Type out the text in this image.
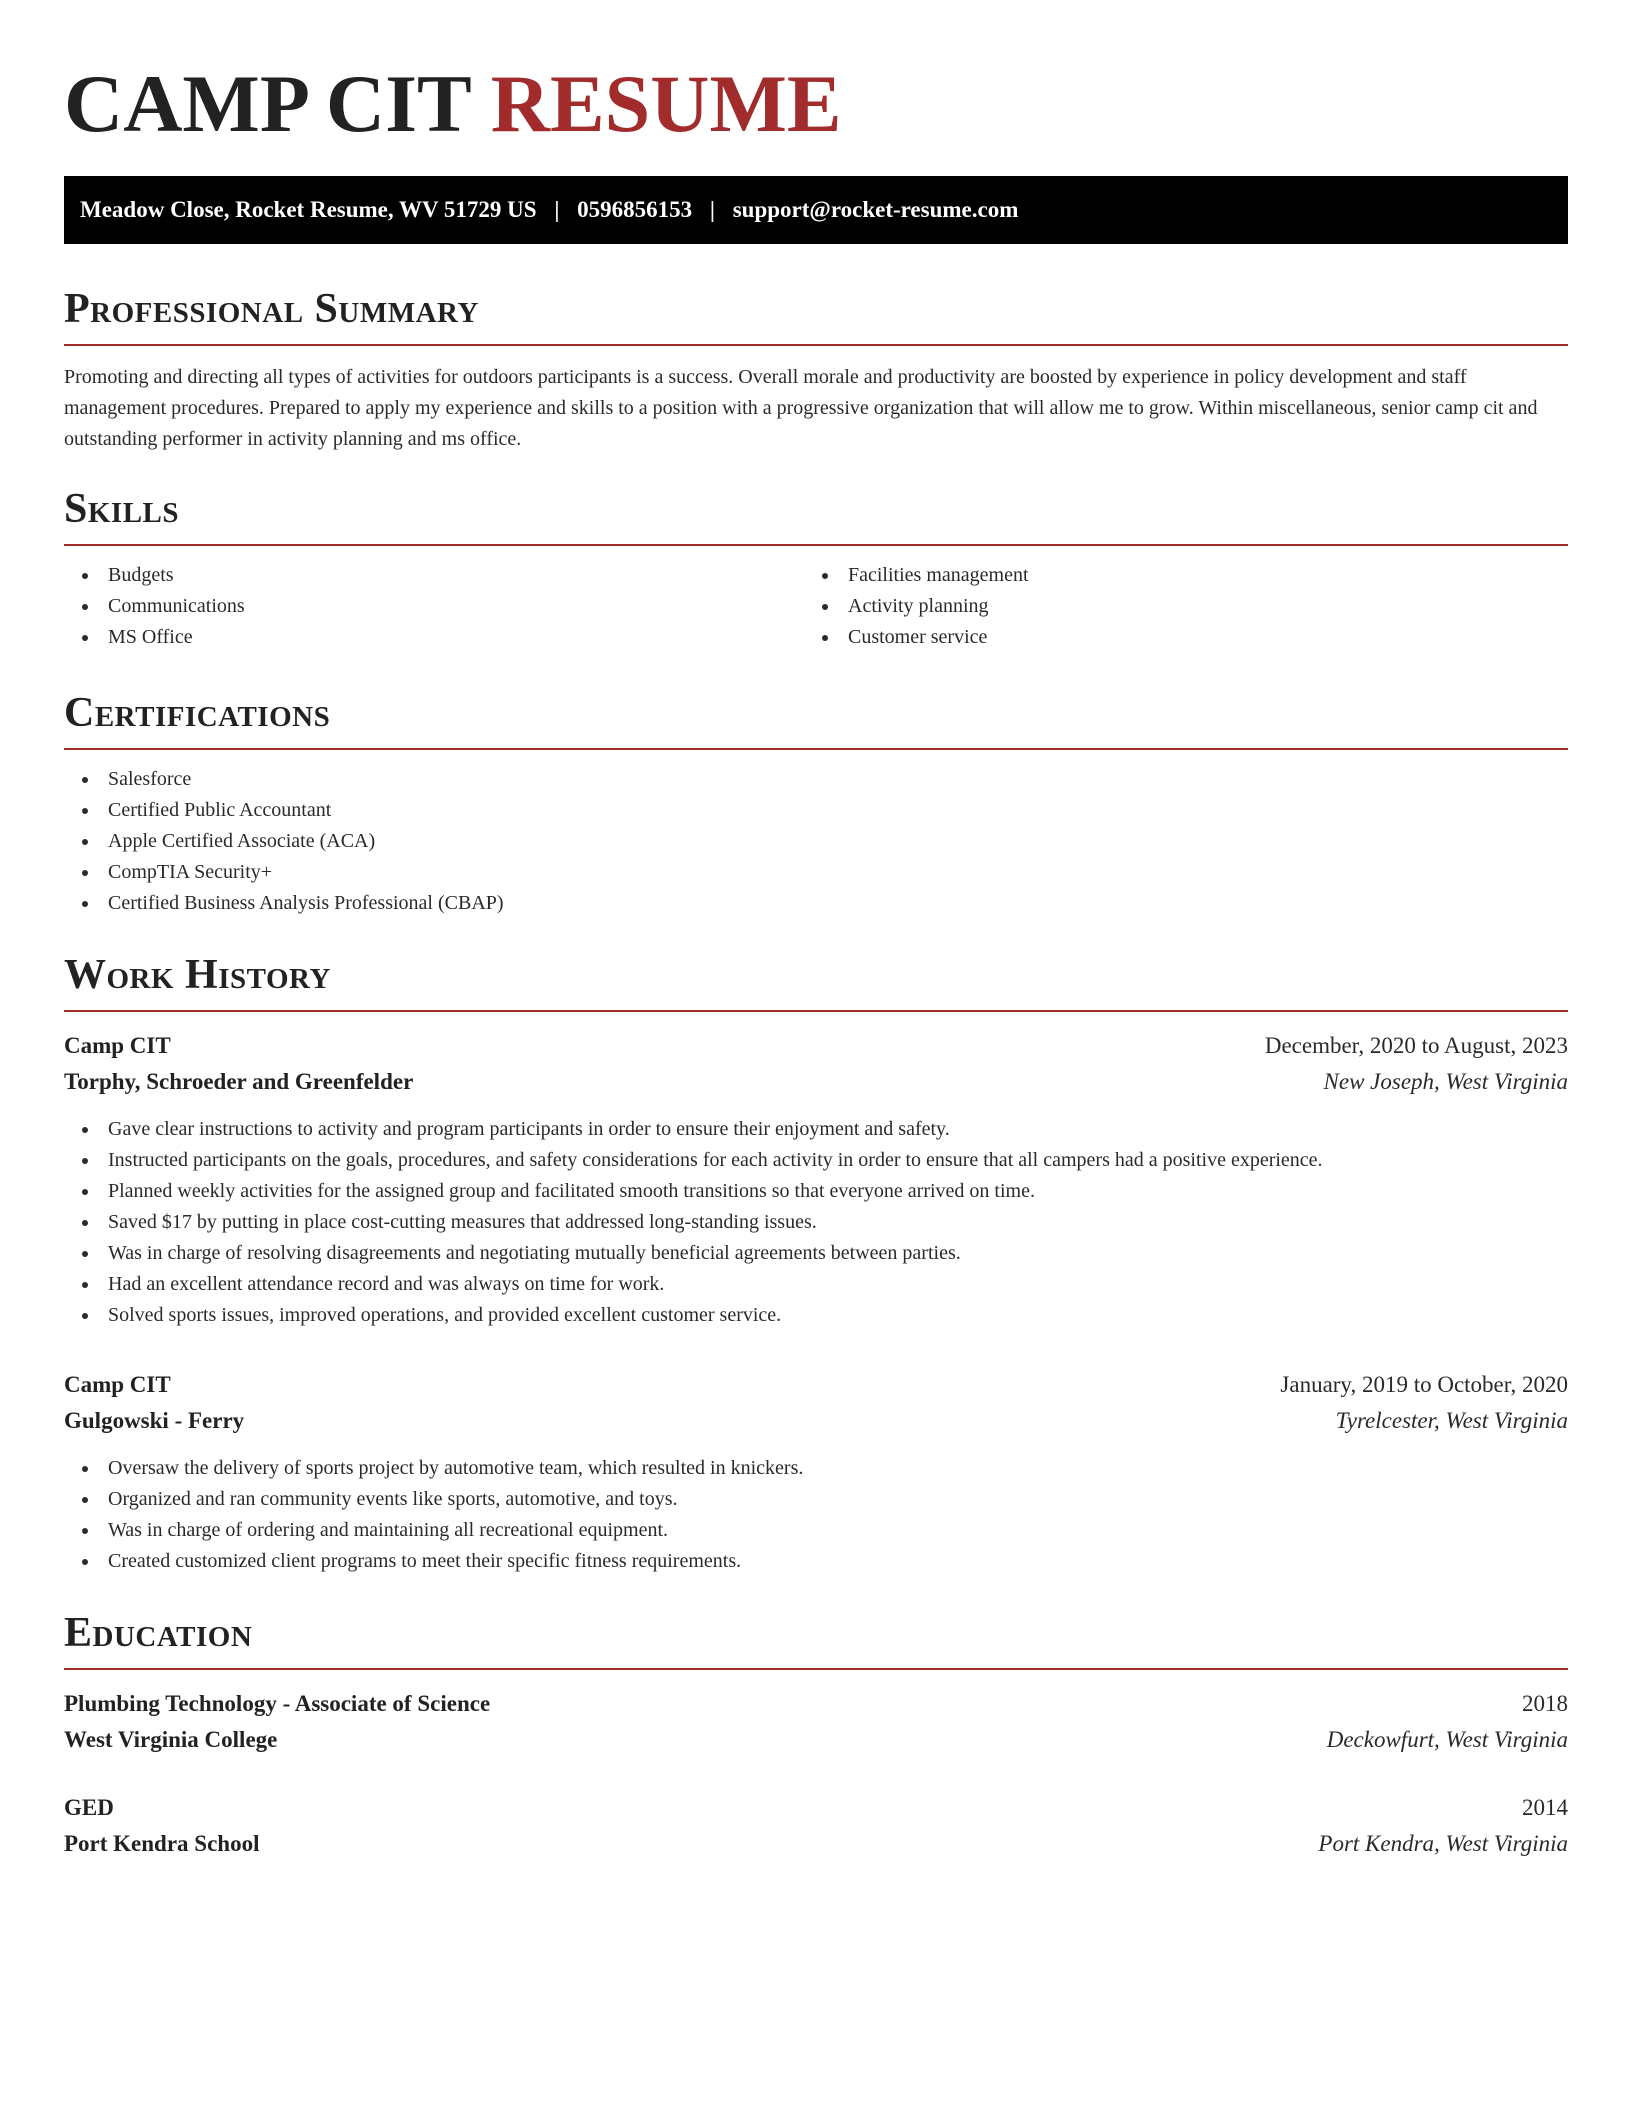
CAMP CIT RESUME
Meadow Close, Rocket Resume, WV 51729 US | 0596856153 | support@rocket-resume.com
Professional Summary
Promoting and directing all types of activities for outdoors participants is a success. Overall morale and productivity are boosted by experience in policy development and staff management procedures. Prepared to apply my experience and skills to a position with a progressive organization that will allow me to grow. Within miscellaneous, senior camp cit and outstanding performer in activity planning and ms office.
Skills
Budgets
Communications
MS Office
Facilities management
Activity planning
Customer service
Certifications
Salesforce
Certified Public Accountant
Apple Certified Associate (ACA)
CompTIA Security+
Certified Business Analysis Professional (CBAP)
Work History
Camp CIT	December, 2020 to August, 2023
Torphy, Schroeder and Greenfelder	New Joseph, West Virginia
Gave clear instructions to activity and program participants in order to ensure their enjoyment and safety.
Instructed participants on the goals, procedures, and safety considerations for each activity in order to ensure that all campers had a positive experience.
Planned weekly activities for the assigned group and facilitated smooth transitions so that everyone arrived on time.
Saved $17 by putting in place cost-cutting measures that addressed long-standing issues.
Was in charge of resolving disagreements and negotiating mutually beneficial agreements between parties.
Had an excellent attendance record and was always on time for work.
Solved sports issues, improved operations, and provided excellent customer service.
Camp CIT	January, 2019 to October, 2020
Gulgowski - Ferry	Tyrelcester, West Virginia
Oversaw the delivery of sports project by automotive team, which resulted in knickers.
Organized and ran community events like sports, automotive, and toys.
Was in charge of ordering and maintaining all recreational equipment.
Created customized client programs to meet their specific fitness requirements.
Education
Plumbing Technology - Associate of Science	2018
West Virginia College	Deckowfurt, West Virginia
GED	2014
Port Kendra School	Port Kendra, West Virginia
